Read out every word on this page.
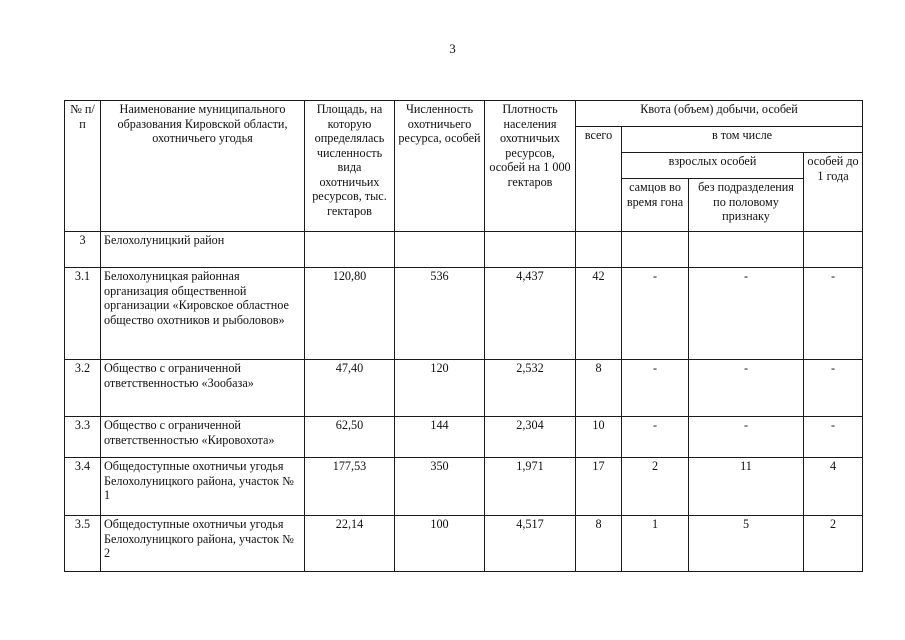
3
№ п/п	Наименование муниципального образования Кировской области, охотничьего угодья	Площадь, на которую определялась численность вида охотничьих ресурсов, тыс. гектаров	Численность охотничьего ресурса, особей	Плотность населения охотничьих ресурсов, особей на 1 000 гектаров	Квота (объем) добычи, особей			
					всего	в том числе		
						взрослых особей		особей до 1 года
						самцов во время гона	без подразделения по половому признаку	
3	Белохолуницкий район							
3.1	Белохолуницкая районная организация общественной организации «Кировское областное общество охотников и рыболовов»	120,80	536	4,437	42	-	-	-
3.2	Общество с ограниченной ответственностью «Зообаза»	47,40	120	2,532	8	-	-	-
3.3	Общество с ограниченной ответственностью «Кировохота»	62,50	144	2,304	10	-	-	-
3.4	Общедоступные охотничьи угодья Белохолуницкого района, участок № 1	177,53	350	1,971	17	2	11	4
3.5	Общедоступные охотничьи угодья Белохолуницкого района, участок № 2	22,14	100	4,517	8	1	5	2
